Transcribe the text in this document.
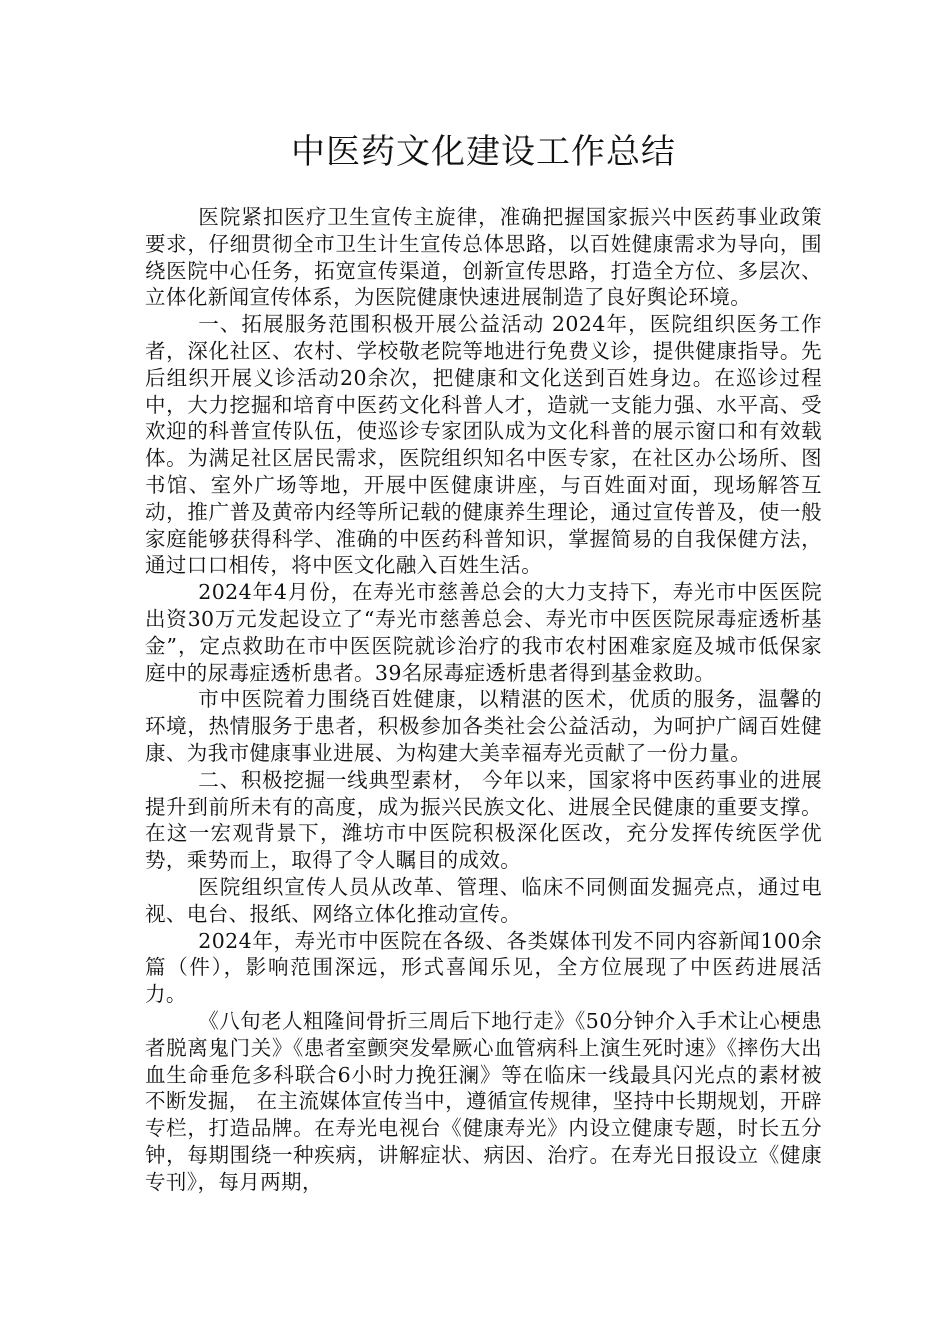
中医药文化建设工作总结

医院紧扣医疗卫生宣传主旋律，准确把握国家振兴中医药事业政策要求，仔细贯彻全市卫生计生宣传总体思路，以百姓健康需求为导向，围绕医院中心任务，拓宽宣传渠道，创新宣传思路，打造全方位、多层次、立体化新闻宣传体系，为医院健康快速进展制造了良好舆论环境。

一、拓展服务范围积极开展公益活动 2024年，医院组织医务工作者，深化社区、农村、学校敬老院等地进行免费义诊，提供健康指导。先后组织开展义诊活动20余次，把健康和文化送到百姓身边。在巡诊过程中，大力挖掘和培育中医药文化科普人才，造就一支能力强、水平高、受欢迎的科普宣传队伍，使巡诊专家团队成为文化科普的展示窗口和有效载体。为满足社区居民需求，医院组织知名中医专家，在社区办公场所、图书馆、室外广场等地，开展中医健康讲座，与百姓面对面，现场解答互动，推广普及黄帝内经等所记载的健康养生理论，通过宣传普及，使一般家庭能够获得科学、准确的中医药科普知识，掌握简易的自我保健方法，通过口口相传，将中医文化融入百姓生活。

2024年4月份，在寿光市慈善总会的大力支持下，寿光市中医医院出资30万元发起设立了“寿光市慈善总会、寿光市中医医院尿毒症透析基金”，定点救助在市中医医院就诊治疗的我市农村困难家庭及城市低保家庭中的尿毒症透析患者。39名尿毒症透析患者得到基金救助。

市中医院着力围绕百姓健康，以精湛的医术，优质的服务，温馨的环境，热情服务于患者，积极参加各类社会公益活动，为呵护广阔百姓健康、为我市健康事业进展、为构建大美幸福寿光贡献了一份力量。

二、积极挖掘一线典型素材， 今年以来，国家将中医药事业的进展提升到前所未有的高度，成为振兴民族文化、进展全民健康的重要支撑。在这一宏观背景下，潍坊市中医院积极深化医改，充分发挥传统医学优势，乘势而上，取得了令人瞩目的成效。

医院组织宣传人员从改革、管理、临床不同侧面发掘亮点，通过电视、电台、报纸、网络立体化推动宣传。

2024年，寿光市中医院在各级、各类媒体刊发不同内容新闻100余篇（件），影响范围深远，形式喜闻乐见，全方位展现了中医药进展活力。

《八旬老人粗隆间骨折三周后下地行走》《50分钟介入手术让心梗患者脱离鬼门关》《患者室颤突发晕厥心血管病科上演生死时速》《摔伤大出血生命垂危多科联合6小时力挽狂澜》等在临床一线最具闪光点的素材被不断发掘， 在主流媒体宣传当中，遵循宣传规律，坚持中长期规划，开辟专栏，打造品牌。在寿光电视台《健康寿光》内设立健康专题，时长五分钟，每期围绕一种疾病，讲解症状、病因、治疗。在寿光日报设立《健康专刊》，每月两期，
